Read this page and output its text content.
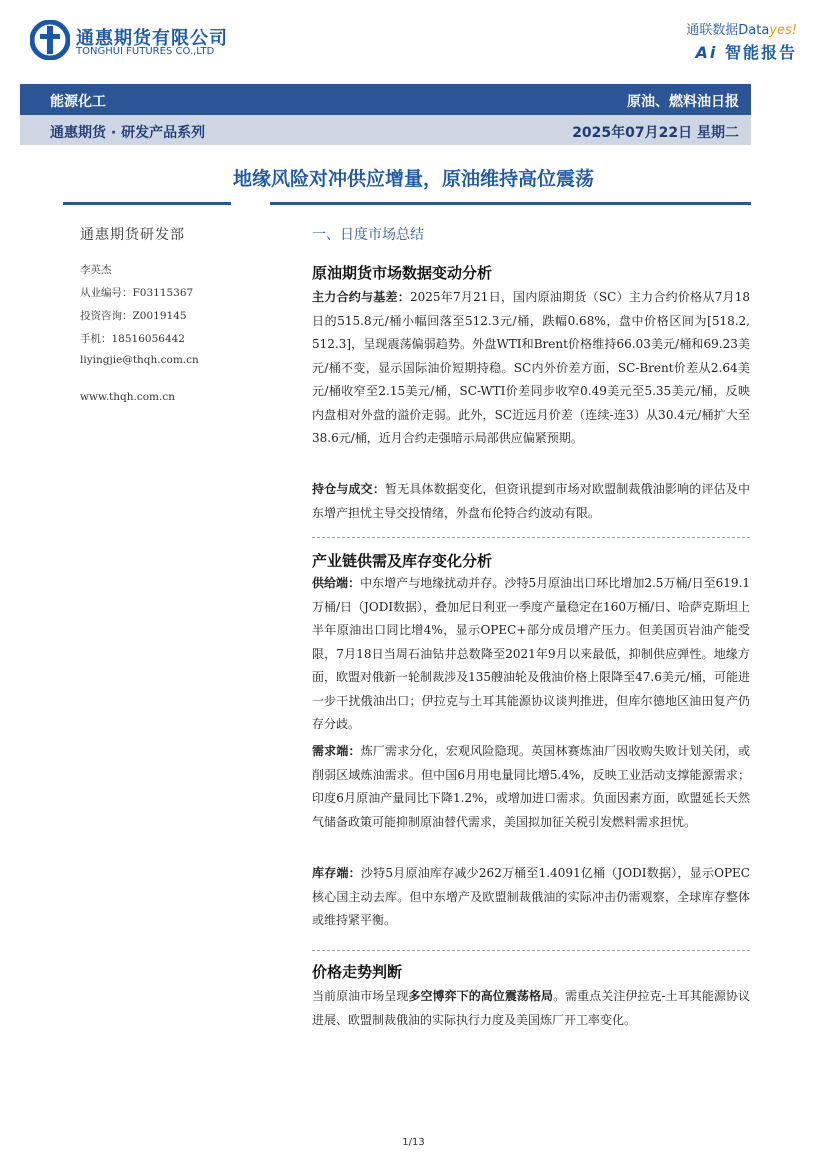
通惠期货有限公司
TONGHUI FUTURES CO.,LTD
通联数据Datayes!
Ai 智能报告
能源化工	原油、燃料油日报
通惠期货 · 研发产品系列	2025年07月22日 星期二
地缘风险对冲供应增量，原油维持高位震荡
通惠期货研发部
李英杰
从业编号：F03115367
投资咨询：Z0019145
手机：18516056442
liyingjie@thqh.com.cn
www.thqh.com.cn
一、日度市场总结
原油期货市场数据变动分析

主力合约与基差：2025年7月21日，国内原油期货（SC）主力合约价格从7月18日的515.8元/桶小幅回落至512.3元/桶，跌幅0.68%，盘中价格区间为[518.2, 512.3]，呈现震荡偏弱趋势。外盘WTI和Brent价格维持66.03美元/桶和69.23美元/桶不变，显示国际油价短期持稳。SC内外价差方面，SC-Brent价差从2.64美元/桶收窄至2.15美元/桶，SC-WTI价差同步收窄0.49美元至5.35美元/桶，反映内盘相对外盘的溢价走弱。此外，SC近远月价差（连续-连3）从30.4元/桶扩大至38.6元/桶，近月合约走强暗示局部供应偏紧预期。

持仓与成交：暂无具体数据变化，但资讯提到市场对欧盟制裁俄油影响的评估及中东增产担忧主导交投情绪，外盘布伦特合约波动有限。

产业链供需及库存变化分析

供给端：中东增产与地缘扰动并存。沙特5月原油出口环比增加2.5万桶/日至619.1万桶/日（JODI数据），叠加尼日利亚一季度产量稳定在160万桶/日、哈萨克斯坦上半年原油出口同比增4%，显示OPEC+部分成员增产压力。但美国页岩油产能受限，7月18日当周石油钻井总数降至2021年9月以来最低，抑制供应弹性。地缘方面，欧盟对俄新一轮制裁涉及135艘油轮及俄油价格上限降至47.6美元/桶，可能进一步干扰俄油出口；伊拉克与土耳其能源协议谈判推进，但库尔德地区油田复产仍存分歧。

需求端：炼厂需求分化，宏观风险隐现。英国林赛炼油厂因收购失败计划关闭，或削弱区域炼油需求。但中国6月用电量同比增5.4%，反映工业活动支撑能源需求；印度6月原油产量同比下降1.2%，或增加进口需求。负面因素方面，欧盟延长天然气储备政策可能抑制原油替代需求，美国拟加征关税引发燃料需求担忧。

库存端：沙特5月原油库存减少262万桶至1.4091亿桶（JODI数据），显示OPEC核心国主动去库。但中东增产及欧盟制裁俄油的实际冲击仍需观察，全球库存整体或维持紧平衡。

价格走势判断

当前原油市场呈现多空博弈下的高位震荡格局。需重点关注伊拉克-土耳其能源协议进展、欧盟制裁俄油的实际执行力度及美国炼厂开工率变化。

1/13
